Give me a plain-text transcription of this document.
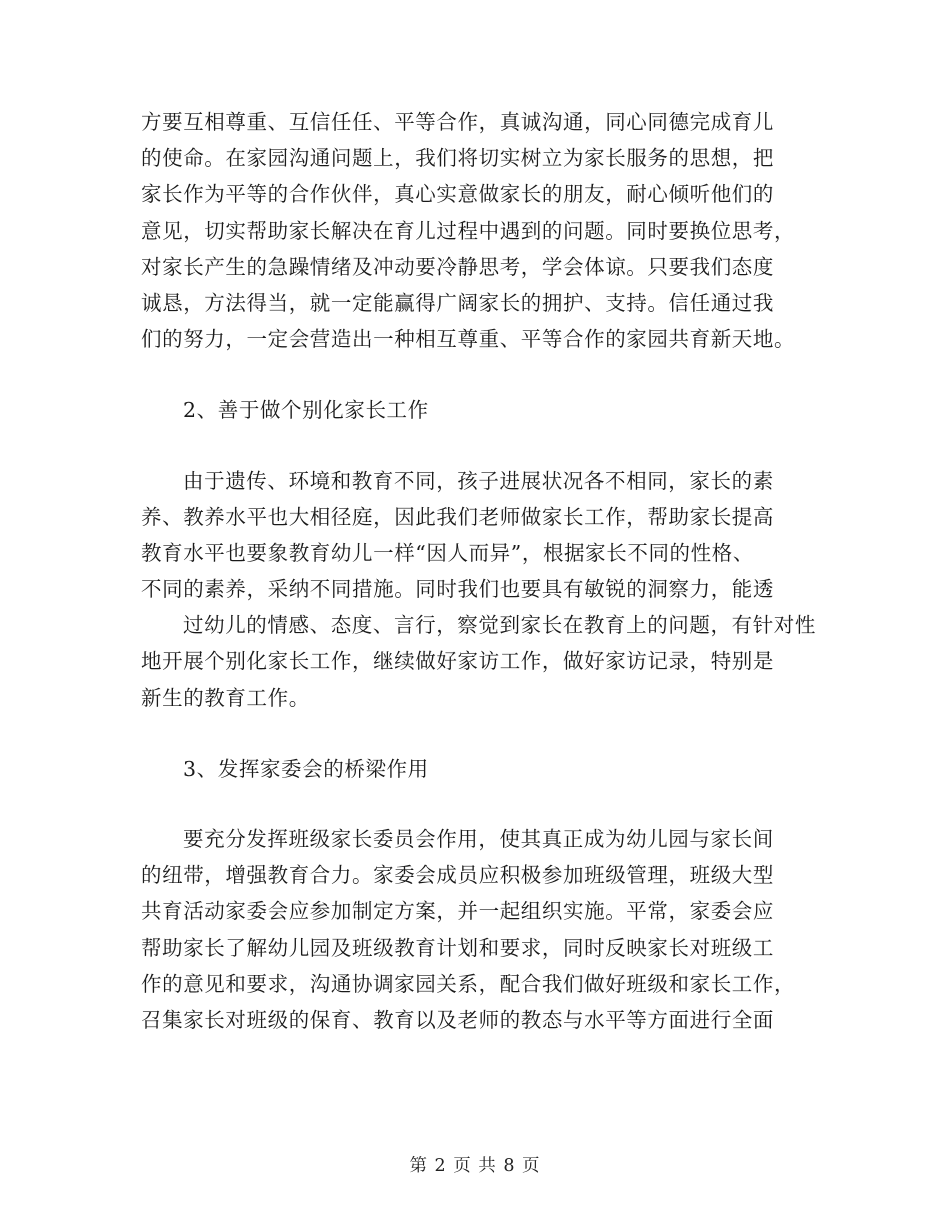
方要互相尊重、互信任任、平等合作，真诚沟通，同心同德完成育儿
的使命。在家园沟通问题上，我们将切实树立为家长服务的思想，把
家长作为平等的合作伙伴，真心实意做家长的朋友，耐心倾听他们的
意见，切实帮助家长解决在育儿过程中遇到的问题。同时要换位思考，
对家长产生的急躁情绪及冲动要冷静思考，学会体谅。只要我们态度
诚恳，方法得当，就一定能赢得广阔家长的拥护、支持。信任通过我
们的努力，一定会营造出一种相互尊重、平等合作的家园共育新天地。
2、善于做个别化家长工作
由于遗传、环境和教育不同，孩子进展状况各不相同，家长的素
养、教养水平也大相径庭，因此我们老师做家长工作，帮助家长提高
教育水平也要象教育幼儿一样“因人而异”，根据家长不同的性格、
不同的素养，采纳不同措施。同时我们也要具有敏锐的洞察力，能透
过幼儿的情感、态度、言行，察觉到家长在教育上的问题，有针对性
地开展个别化家长工作，继续做好家访工作，做好家访记录，特别是
新生的教育工作。
3、发挥家委会的桥梁作用
要充分发挥班级家长委员会作用，使其真正成为幼儿园与家长间
的纽带，增强教育合力。家委会成员应积极参加班级管理，班级大型
共育活动家委会应参加制定方案，并一起组织实施。平常，家委会应
帮助家长了解幼儿园及班级教育计划和要求，同时反映家长对班级工
作的意见和要求，沟通协调家园关系，配合我们做好班级和家长工作，
召集家长对班级的保育、教育以及老师的教态与水平等方面进行全面
第 2 页 共 8 页
